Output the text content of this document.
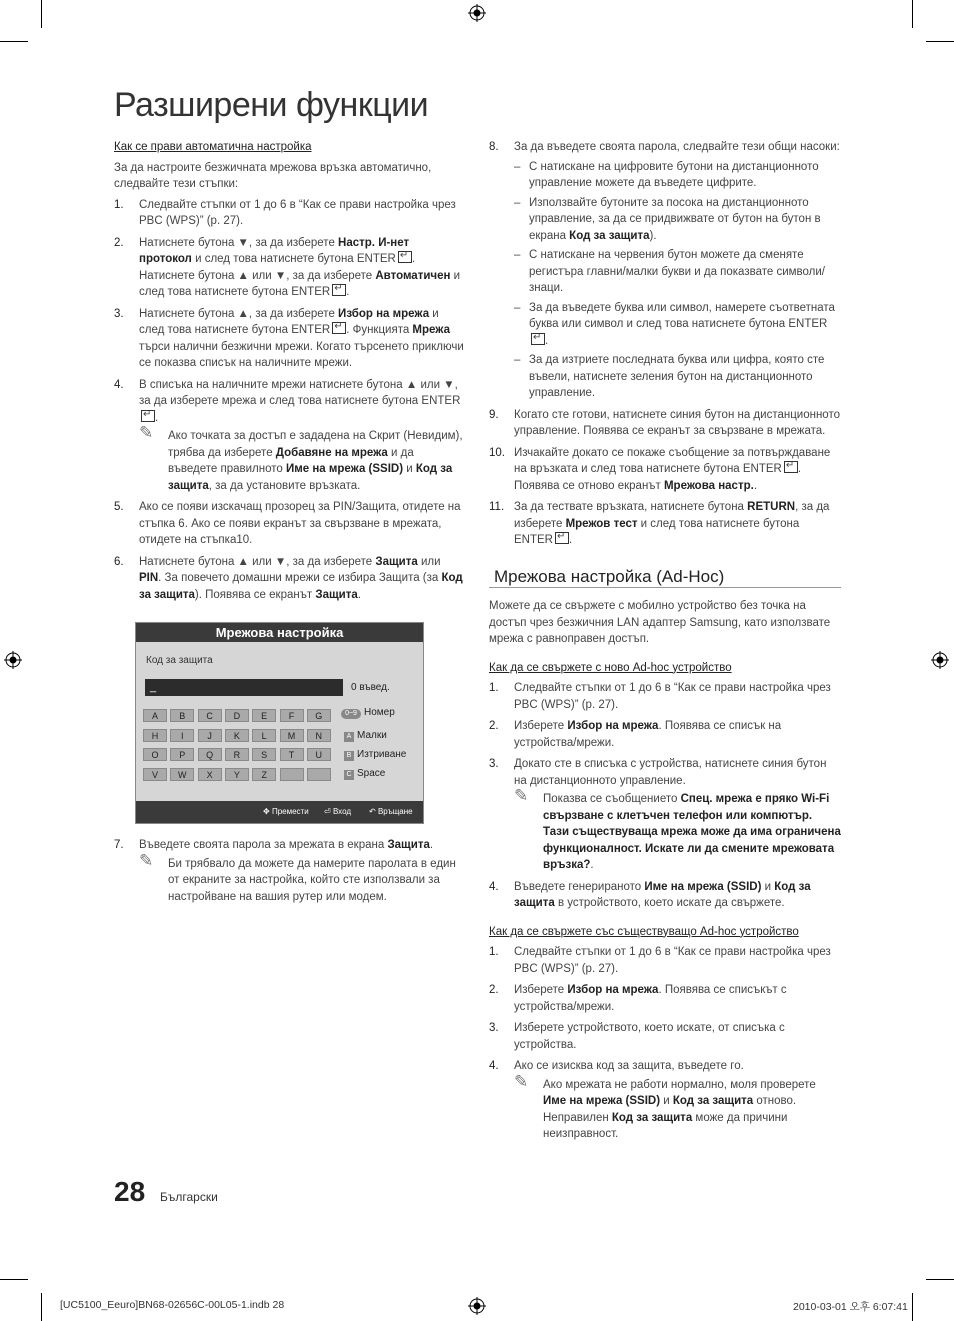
Разширени функции
Как се прави автоматична настройка

За да настроите безжичната мрежова връзка автоматично, следвайте тези стъпки:

1. Следвайте стъпки от 1 до 6 в “Как се прави настройка чрез PBC (WPS)” (p. 27).
2. Натиснете бутона ▼, за да изберете Настр. И-нет протокол и след това натиснете бутона ENTER ↵ . Натиснете бутона ▲ или ▼, за да изберете Автоматичен и след това натиснете бутона ENTER ↵ .
3. Натиснете бутона ▲, за да изберете Избор на мрежа и след това натиснете бутона ENTER ↵ . Функцията Мрежа търси налични безжични мрежи. Когато търсенето приключи се показва списък на наличните мрежи.
4. В списъка на наличните мрежи натиснете бутона ▲ или ▼, за да изберете мрежа и след това натиснете бутона ENTER↵.
✎ Ако точката за достъп е зададена на Скрит (Невидим), трябва да изберете Добавяне на мрежа и да въведете правилното Име на мрежа (SSID) и Код за защита, за да установите връзката.
5. Ако се появи изскачащ прозорец за PIN/Защита, отидете на стъпка 6. Ако се появи екранът за свързване в мрежата, отидете на стъпка10.
6. Натиснете бутона ▲ или ▼, за да изберете Защита или PIN. За повечето домашни мрежи се избира Защита (за Код за защита). Появява се екранът Защита.
Мрежова настройка
Код за защита
_	0 въвед.
A	B	C	D	E	F	G
H	I	J	K	L	M	N
O	P	Q	R	S	T	U
V	W	X	Y	Z
0~9 Номер
A Малки
B Изтриване
C Space
✥ Премести ⏎ Вход ↶ Връщане
7. Въведете своята парола за мрежата в екрана Защита.
✎ Би трябвало да можете да намерите паролата в един от екраните за настройка, който сте използвали за настройване на вашия рутер или модем.
8. За да въведете своята парола, следвайте тези общи насоки:
– С натискане на цифровите бутони на дистанционното управление можете да въведете цифрите.
– Използвайте бутоните за посока на дистанционното управление, за да се придвижвате от бутон на бутон в екрана Код за защита).
– С натискане на червения бутон можете да сменяте регистъра главни/малки букви и да показвате символи/знаци.
– За да въведете буква или символ, намерете съответната буква или символ и след това натиснете бутона ENTER↵.
– За да изтриете последната буква или цифра, която сте въвели, натиснете зеления бутон на дистанционното управление.
9. Когато сте готови, натиснете синия бутон на дистанционното управление. Появява се екранът за свързване в мрежата.
10. Изчакайте докато се покаже съобщение за потвърждаване на връзката и след това натиснете бутона ENTER ↵ . Появява се отново екранът Мрежова настр..
11. За да тествате връзката, натиснете бутона RETURN, за да изберете Мрежов тест и след това натиснете бутона ENTER ↵ .
Мрежова настройка (Ad-Hoc)

Можете да се свържете с мобилно устройство без точка на достъп чрез безжичния LAN адаптер Samsung, като използвате мрежа с равноправен достъп.

Как да се свържете с ново Ad-hoc устройство
1. Следвайте стъпки от 1 до 6 в “Как се прави настройка чрез PBC (WPS)” (p. 27).
2. Изберете Избор на мрежа. Появява се списък на устройства/мрежи.
3. Докато сте в списъка с устройства, натиснете синия бутон на дистанционното управление.
✎ Показва се съобщението Спец. мрежа е пряко Wi-Fi свързване с клетъчен телефон или компютър. Тази съществуваща мрежа може да има ограничена функционалност. Искате ли да смените мрежовата връзка?.
4. Въведете генерираното Име на мрежа (SSID) и Код за защита в устройството, което искате да свържете.
Как да се свържете със съществуващо Ad-hoc устройство
1. Следвайте стъпки от 1 до 6 в “Как се прави настройка чрез PBC (WPS)” (p. 27).
2. Изберете Избор на мрежа. Появява се списъкът с устройства/мрежи.
3. Изберете устройството, което искате, от списъка с устройства.
4. Ако се изисква код за защита, въведете го.
✎ Ако мрежата не работи нормално, моля проверете Име на мрежа (SSID) и Код за защита отново. Неправилен Код за защита може да причини неизправност.
28 Български
[UC5100_Eeuro]BN68-02656C-00L05-1.indb 28	2010-03-01 오후 6:07:41
